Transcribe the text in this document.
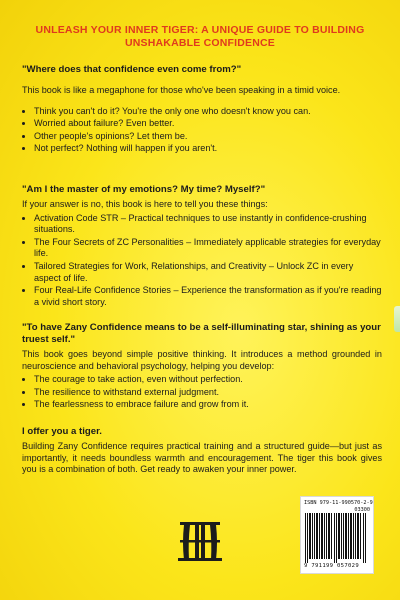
UNLEASH YOUR INNER TIGER: A UNIQUE GUIDE TO BUILDING UNSHAKABLE CONFIDENCE

"Where does that confidence even come from?"

This book is like a megaphone for those who've been speaking in a timid voice.

• Think you can't do it? You're the only one who doesn't know you can.
• Worried about failure? Even better.
• Other people's opinions? Let them be.
• Not perfect? Nothing will happen if you aren't.

"Am I the master of my emotions? My time? Myself?"

If your answer is no, this book is here to tell you these things:

• Activation Code STR – Practical techniques to use instantly in confidence-crushing situations.
• The Four Secrets of ZC Personalities – Immediately applicable strategies for everyday life.
• Tailored Strategies for Work, Relationships, and Creativity – Unlock ZC in every aspect of life.
• Four Real-Life Confidence Stories – Experience the transformation as if you're reading a vivid short story.

"To have Zany Confidence means to be a self-illuminating star, shining as your truest self."

This book goes beyond simple positive thinking. It introduces a method grounded in neuroscience and behavioral psychology, helping you develop:

• The courage to take action, even without perfection.
• The resilience to withstand external judgment.
• The fearlessness to embrace failure and grow from it.

I offer you a tiger.

Building Zany Confidence requires practical training and a structured guide—but just as importantly, it needs boundless warmth and encouragement. The tiger this book gives you is a combination of both. Get ready to awaken your inner power.

ISBN 979-11-990570-2-9
03300
9 791199 057029
